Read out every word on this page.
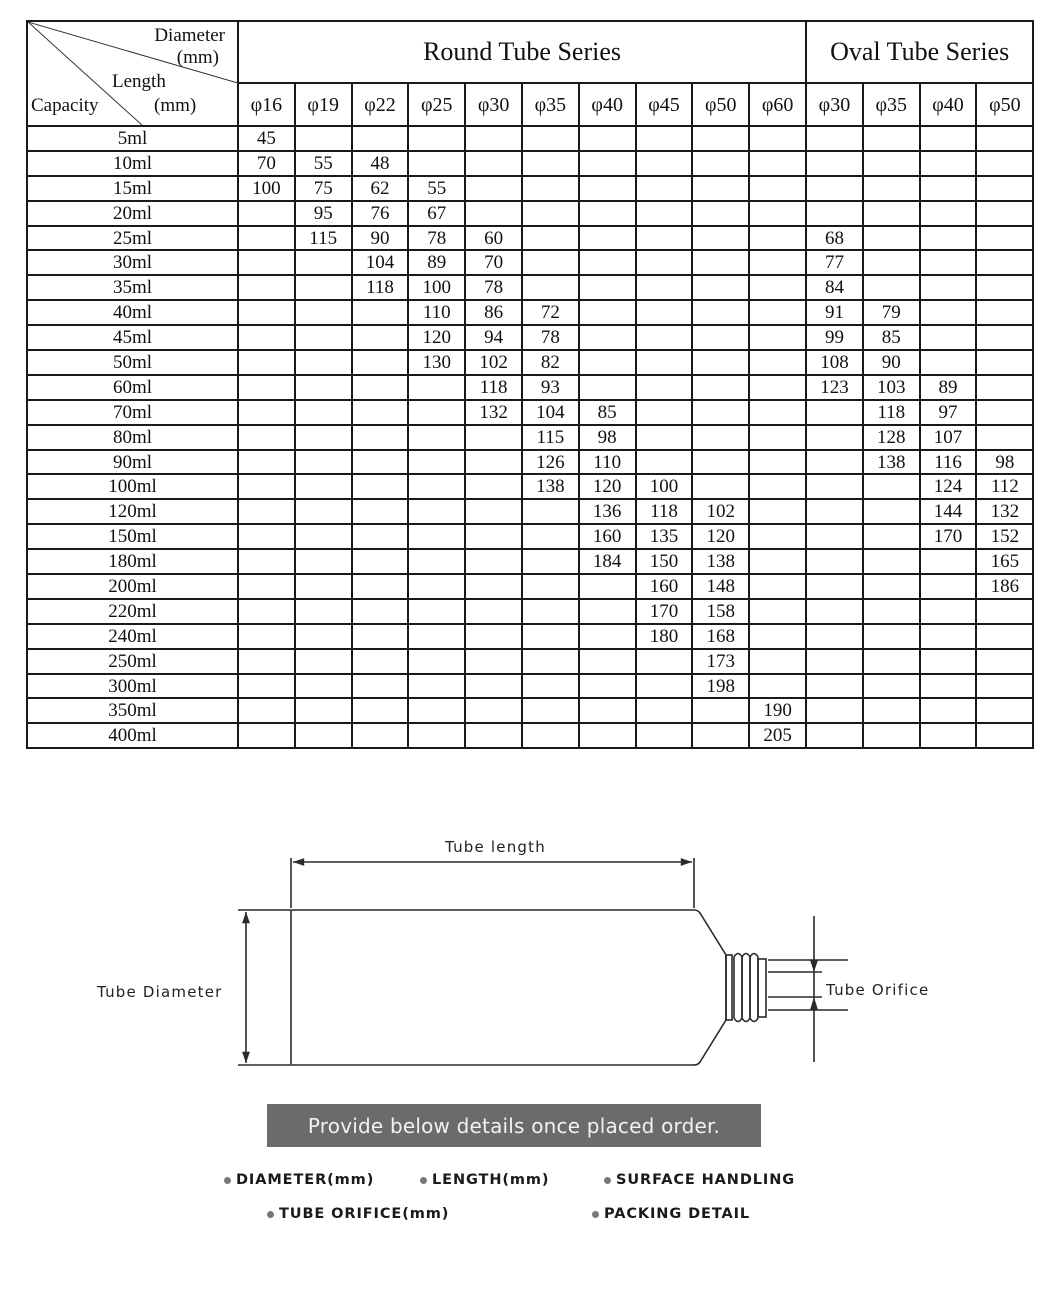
Diameter
(mm)
Length
(mm)
Capacity	Round Tube Series										Oval Tube Series			
	φ16	φ19	φ22	φ25	φ30	φ35	φ40	φ45	φ50	φ60	φ30	φ35	φ40	φ50
5ml	45													
10ml	70	55	48											
15ml	100	75	62	55										
20ml		95	76	67										
25ml		115	90	78	60						68			
30ml			104	89	70						77			
35ml			118	100	78						84			
40ml				110	86	72					91	79		
45ml				120	94	78					99	85		
50ml				130	102	82					108	90		
60ml					118	93					123	103	89	
70ml					132	104	85					118	97	
80ml						115	98					128	107	
90ml						126	110					138	116	98
100ml						138	120	100					124	112
120ml							136	118	102				144	132
150ml							160	135	120				170	152
180ml							184	150	138					165
200ml								160	148					186
220ml								170	158					
240ml								180	168					
250ml									173					
300ml									198					
350ml										190				
400ml										205				
Tube length
Tube Diameter	Tube Orifice
Provide below details once placed order.
DIAMETER(mm)	LENGTH(mm)	SURFACE HANDLING
TUBE ORIFICE(mm)	PACKING DETAIL
